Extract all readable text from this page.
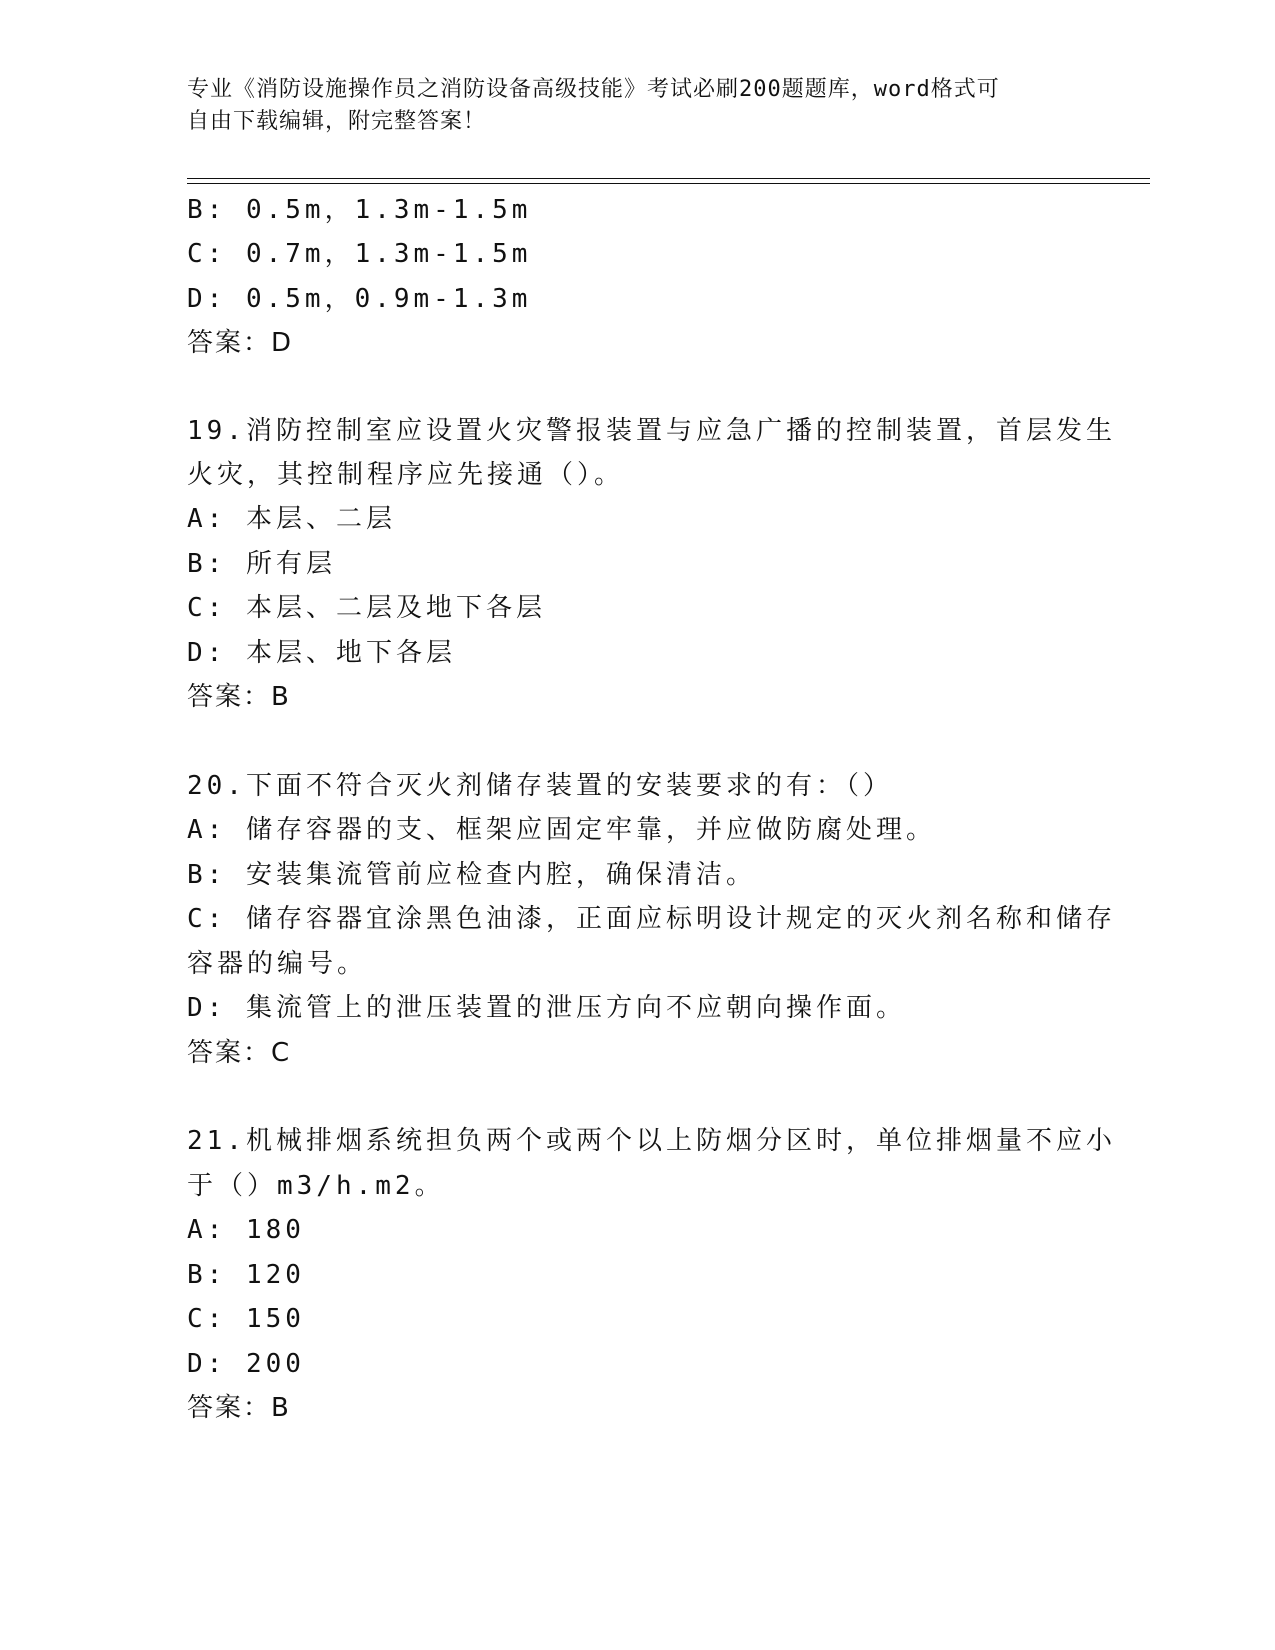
专业《消防设施操作员之消防设备高级技能》考试必刷200题题库，word格式可
自由下载编辑，附完整答案！
B: 0.5m，1.3m-1.5m
C: 0.7m，1.3m-1.5m
D: 0.5m，0.9m-1.3m
答案：D
19.消防控制室应设置火灾警报装置与应急广播的控制装置，首层发生
火灾，其控制程序应先接通（）。
A: 本层、二层
B: 所有层
C: 本层、二层及地下各层
D: 本层、地下各层
答案：B
20.下面不符合灭火剂储存装置的安装要求的有：（）
A: 储存容器的支、框架应固定牢靠，并应做防腐处理。
B: 安装集流管前应检查内腔，确保清洁。
C: 储存容器宜涂黑色油漆，正面应标明设计规定的灭火剂名称和储存
容器的编号。
D: 集流管上的泄压装置的泄压方向不应朝向操作面。
答案：C
21.机械排烟系统担负两个或两个以上防烟分区时，单位排烟量不应小
于（）m3/h.m2。
A: 180
B: 120
C: 150
D: 200
答案：B
